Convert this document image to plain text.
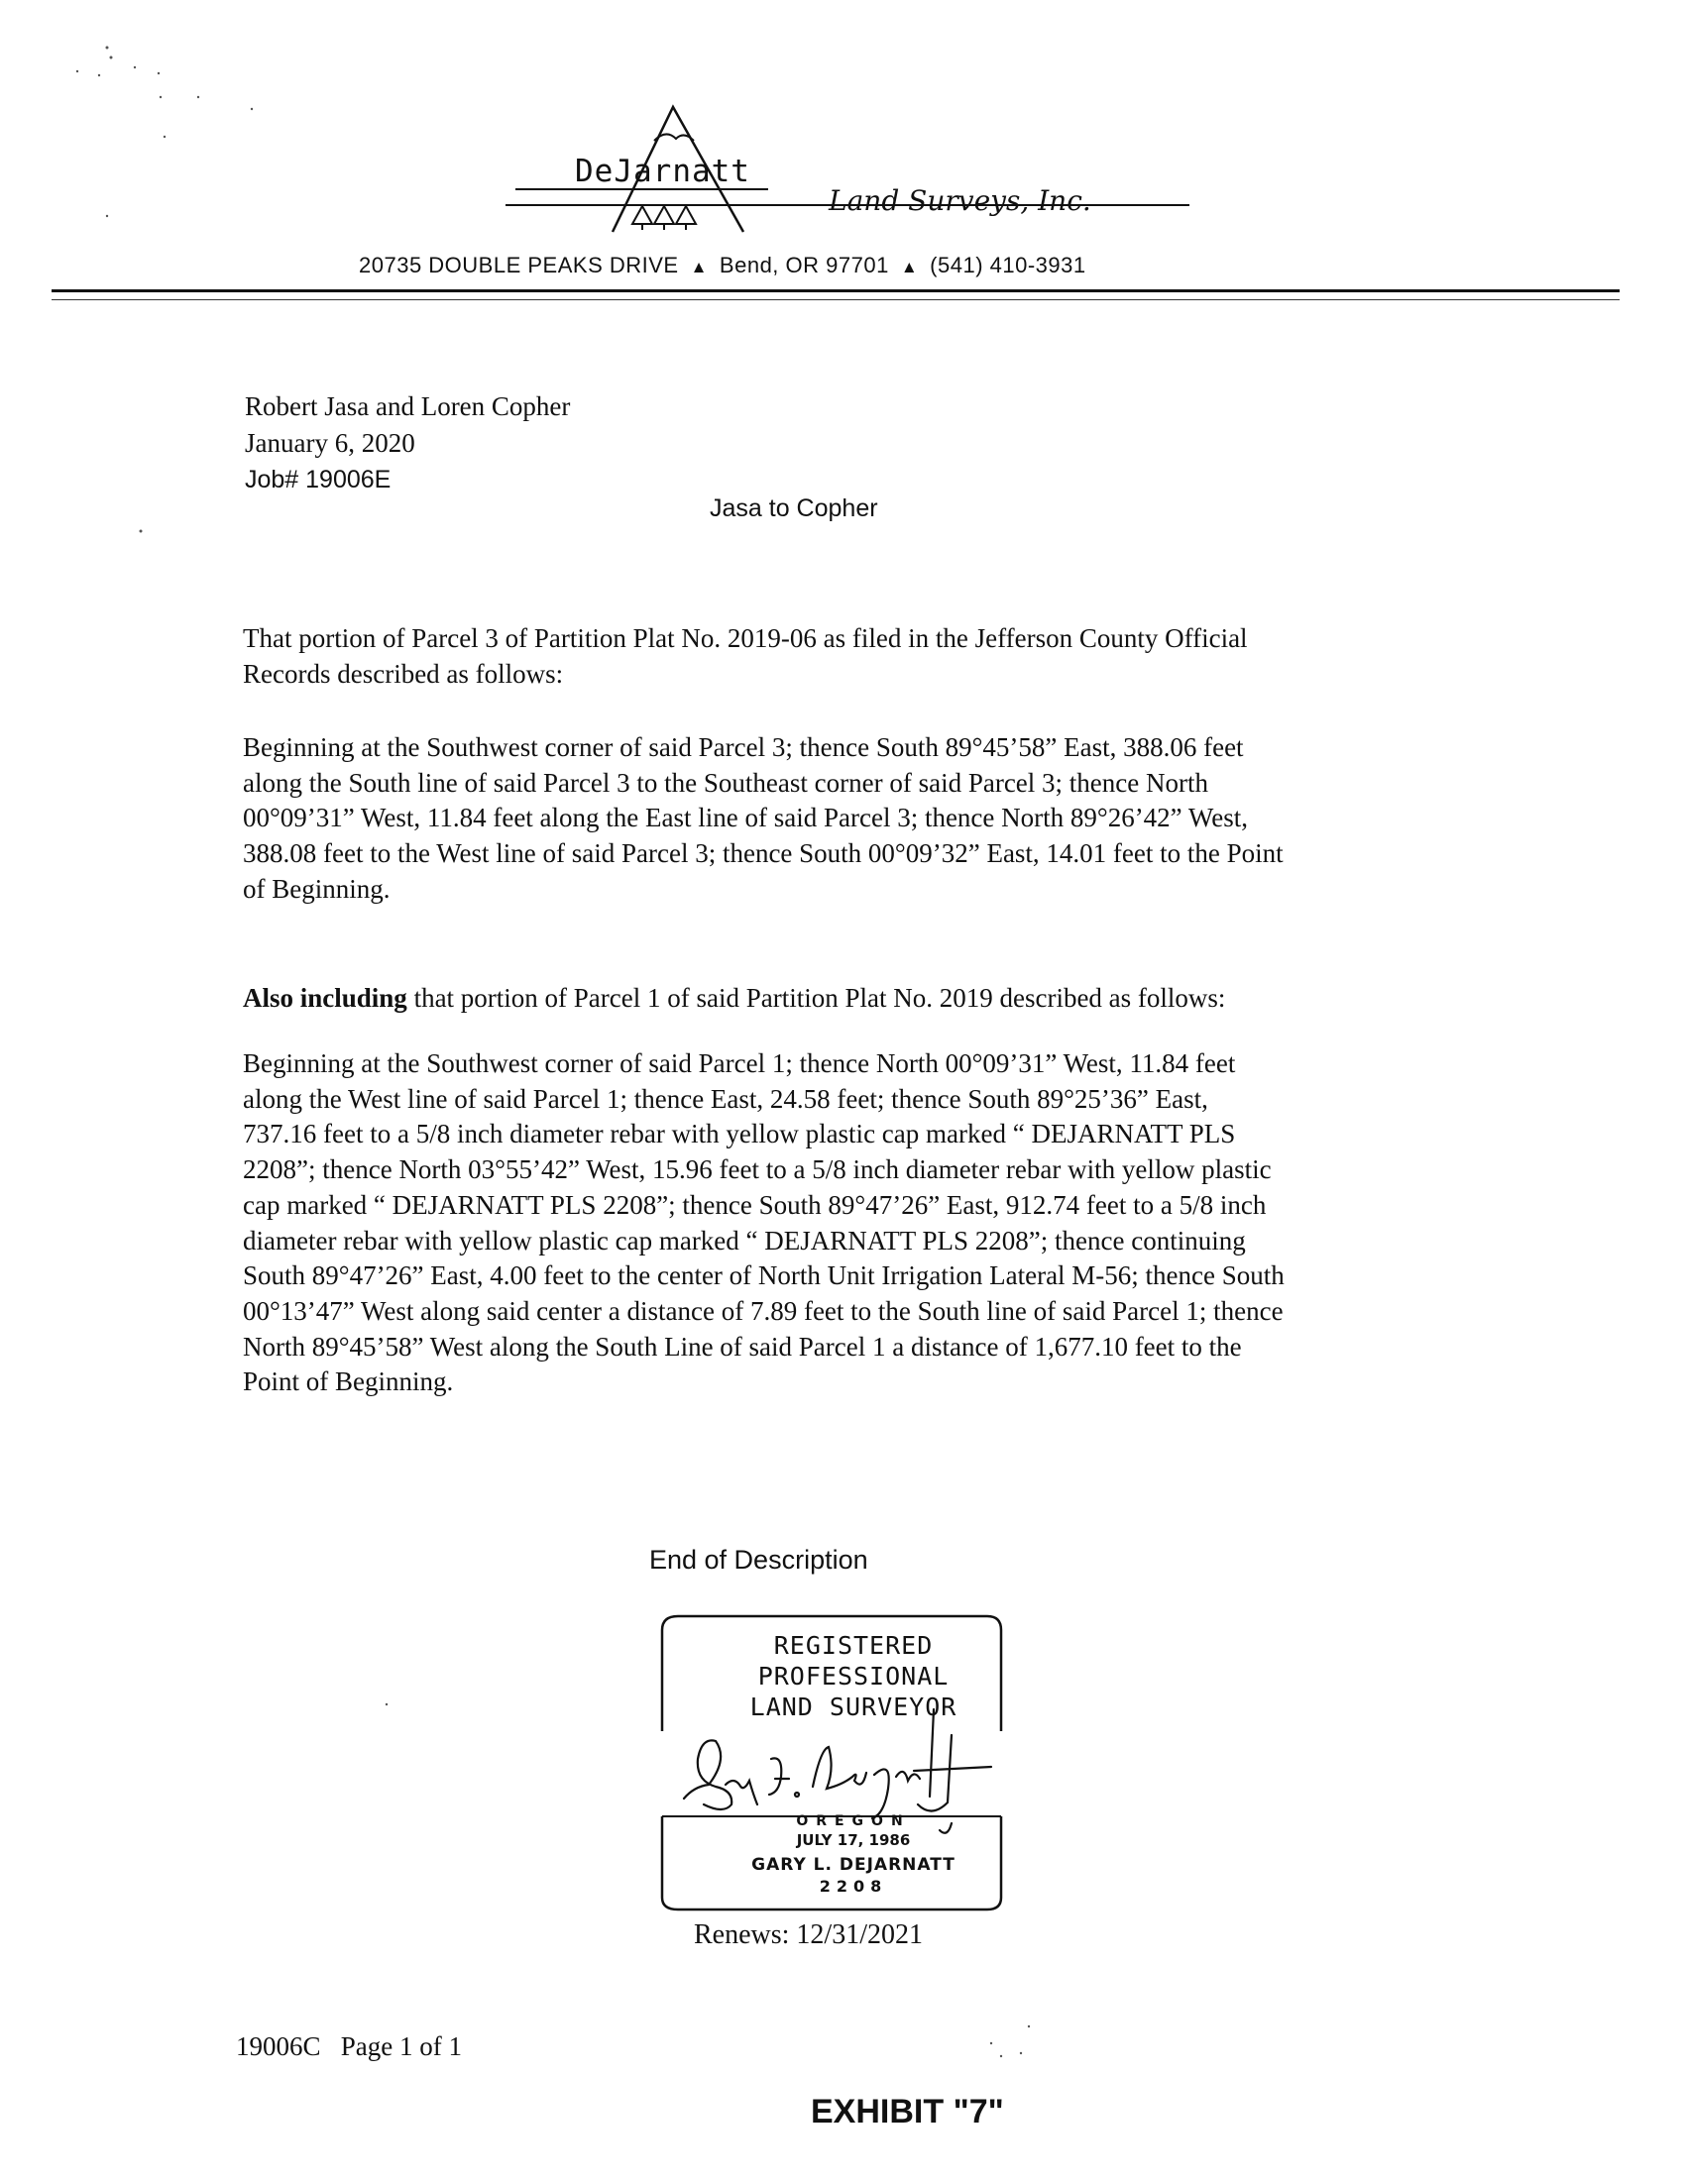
DeJarnatt
Land Surveys, Inc.
20735 DOUBLE PEAKS DRIVE ▲ Bend, OR 97701 ▲ (541) 410-3931
Robert Jasa and Loren Copher
January 6, 2020
Job# 19006E
Jasa to Copher
That portion of Parcel 3 of Partition Plat No. 2019-06 as filed in the Jefferson County Official
Records described as follows:
Beginning at the Southwest corner of said Parcel 3; thence South 89°45’58” East, 388.06 feet
along the South line of said Parcel 3 to the Southeast corner of said Parcel 3; thence North
00°09’31” West, 11.84 feet along the East line of said Parcel 3; thence North 89°26’42” West,
388.08 feet to the West line of said Parcel 3; thence South 00°09’32” East, 14.01 feet to the Point
of Beginning.
Also including that portion of Parcel 1 of said Partition Plat No. 2019 described as follows:
Beginning at the Southwest corner of said Parcel 1; thence North 00°09’31” West, 11.84 feet
along the West line of said Parcel 1; thence East, 24.58 feet; thence South 89°25’36” East,
737.16 feet to a 5/8 inch diameter rebar with yellow plastic cap marked “ DEJARNATT PLS
2208”; thence North 03°55’42” West, 15.96 feet to a 5/8 inch diameter rebar with yellow plastic
cap marked “ DEJARNATT PLS 2208”; thence South 89°47’26” East, 912.74 feet to a 5/8 inch
diameter rebar with yellow plastic cap marked “ DEJARNATT PLS 2208”; thence continuing
South 89°47’26” East, 4.00 feet to the center of North Unit Irrigation Lateral M-56; thence South
00°13’47” West along said center a distance of 7.89 feet to the South line of said Parcel 1; thence
North 89°45’58” West along the South Line of said Parcel 1 a distance of 1,677.10 feet to the
Point of Beginning.
End of Description
REGISTERED
PROFESSIONAL
LAND SURVEYOR
OREGON
JULY 17, 1986
GARY L. DEJARNATT
2208
Renews: 12/31/2021
19006C   Page 1 of 1
EXHIBIT "7"
